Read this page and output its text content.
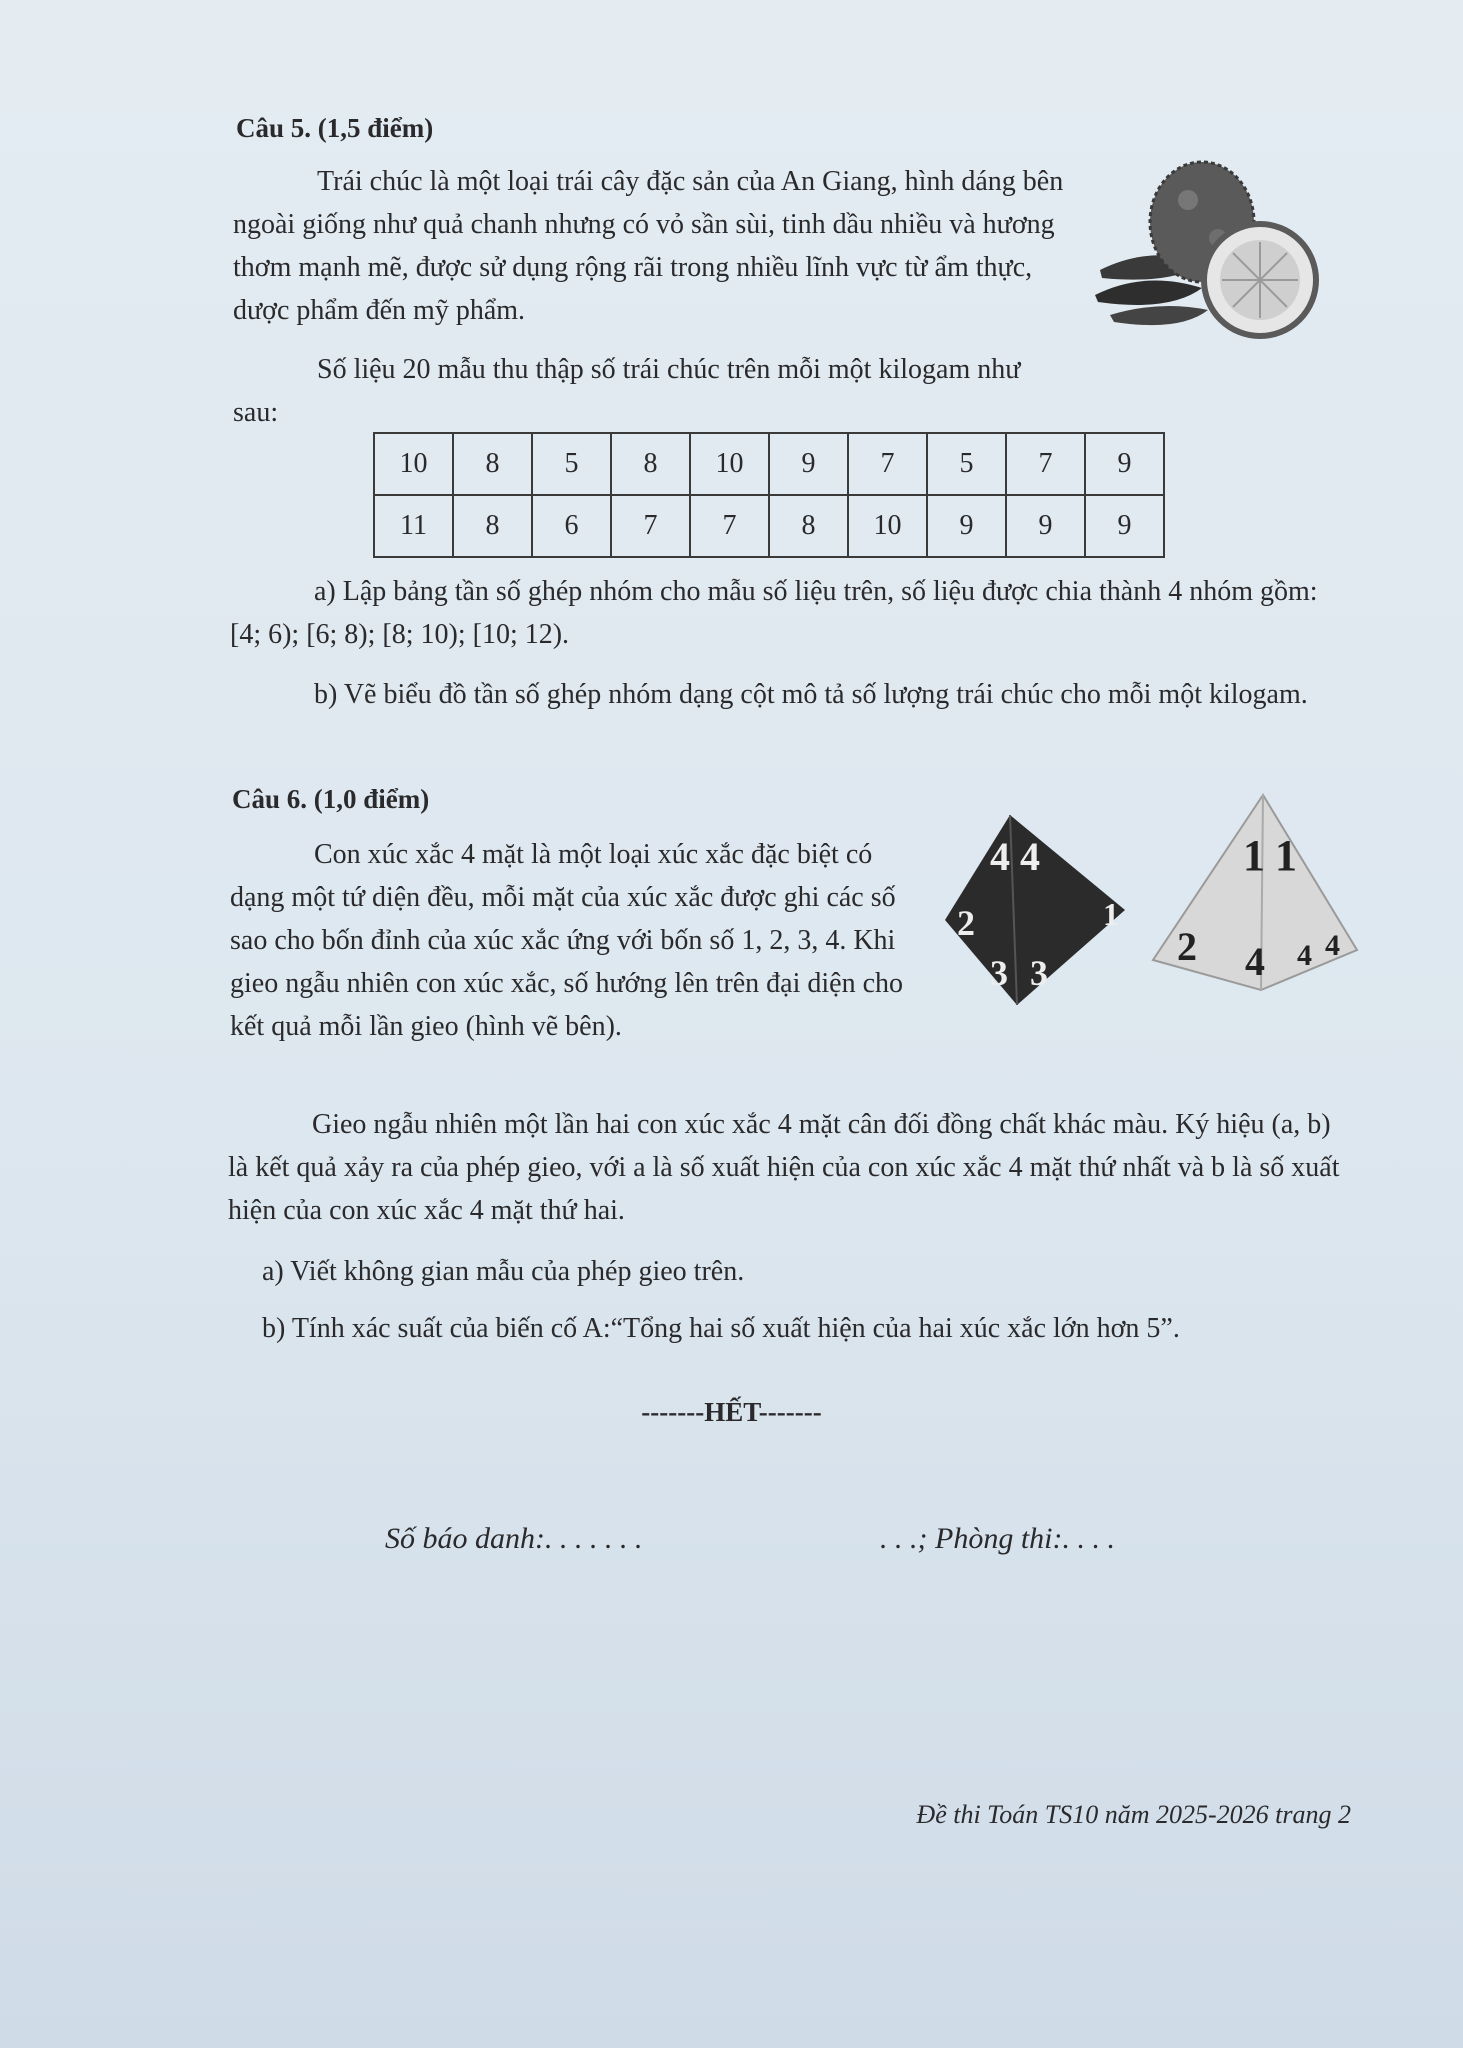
Câu 5. (1,5 điểm)

Trái chúc là một loại trái cây đặc sản của An Giang, hình dáng bên ngoài giống như quả chanh nhưng có vỏ sần sùi, tinh dầu nhiều và hương thơm mạnh mẽ, được sử dụng rộng rãi trong nhiều lĩnh vực từ ẩm thực, dược phẩm đến mỹ phẩm.

Số liệu 20 mẫu thu thập số trái chúc trên mỗi một kilogam như sau:

10	8	5	8	10	9	7	5	7	9
11	8	6	7	7	8	10	9	9	9

a) Lập bảng tần số ghép nhóm cho mẫu số liệu trên, số liệu được chia thành 4 nhóm gồm: [4; 6); [6; 8); [8; 10); [10; 12).

b) Vẽ biểu đồ tần số ghép nhóm dạng cột mô tả số lượng trái chúc cho mỗi một kilogam.

Câu 6. (1,0 điểm)

Con xúc xắc 4 mặt là một loại xúc xắc đặc biệt có dạng một tứ diện đều, mỗi mặt của xúc xắc được ghi các số sao cho bốn đỉnh của xúc xắc ứng với bốn số 1, 2, 3, 4. Khi gieo ngẫu nhiên con xúc xắc, số hướng lên trên đại diện cho kết quả mỗi lần gieo (hình vẽ bên).

4 4
2	1
3 3
1 1
2 4 4 4

Gieo ngẫu nhiên một lần hai con xúc xắc 4 mặt cân đối đồng chất khác màu. Ký hiệu (a, b) là kết quả xảy ra của phép gieo, với a là số xuất hiện của con xúc xắc 4 mặt thứ nhất và b là số xuất hiện của con xúc xắc 4 mặt thứ hai.

a) Viết không gian mẫu của phép gieo trên.

b) Tính xác suất của biến cố A:“Tổng hai số xuất hiện của hai xúc xắc lớn hơn 5”.

-------HẾT-------
Số báo danh:. . . . . . .	. . .; Phòng thi:. . . .
Đề thi Toán TS10 năm 2025-2026 trang 2
